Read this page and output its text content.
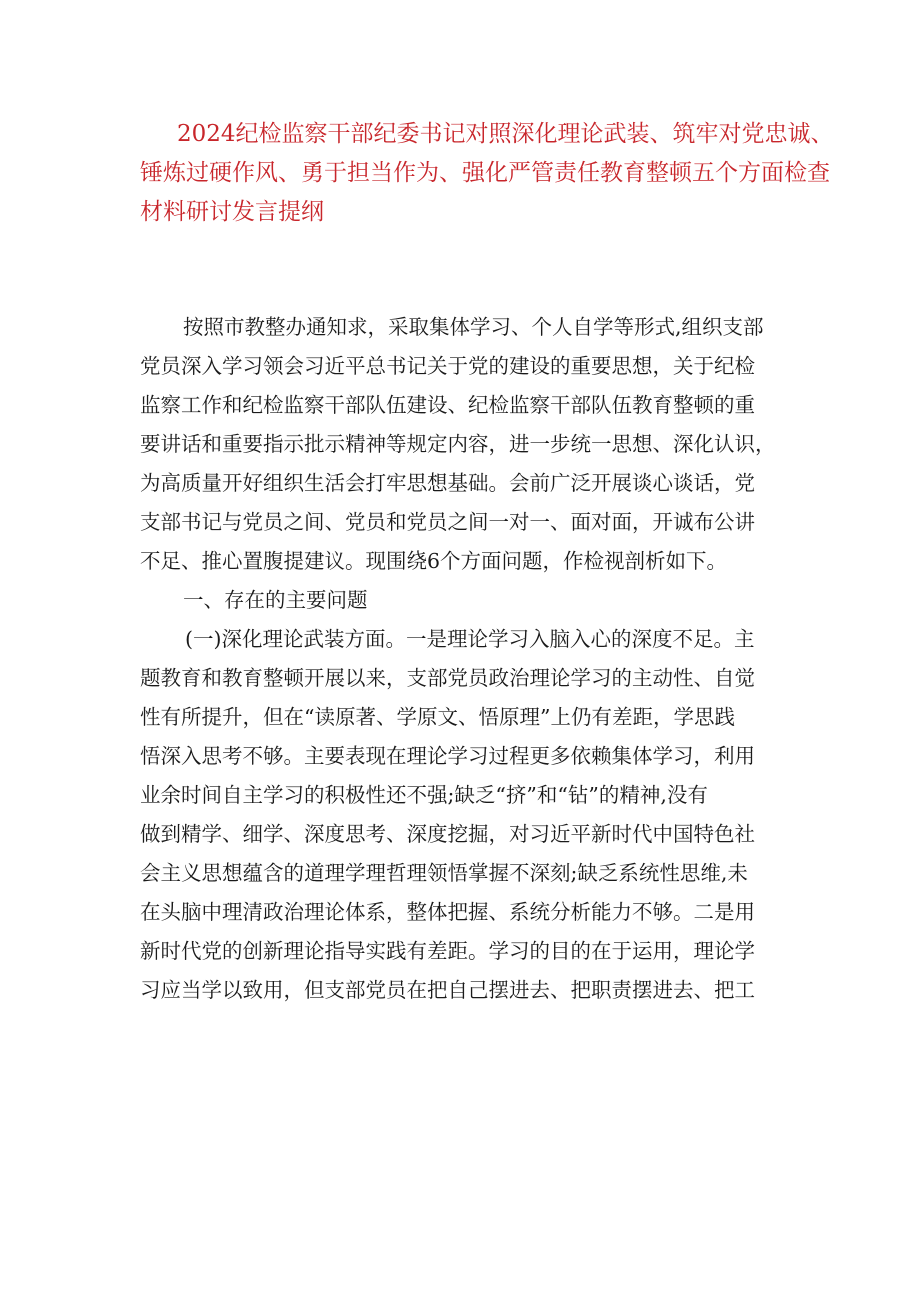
2024纪检监察干部纪委书记对照深化理论武装、筑牢对党忠诚、
锤炼过硬作风、勇于担当作为、强化严管责任教育整顿五个方面检查
材料研讨发言提纲

按照市教整办通知求，采取集体学习、个人自学等形式,组织支部
党员深入学习领会习近平总书记关于党的建设的重要思想，关于纪检
监察工作和纪检监察干部队伍建设、纪检监察干部队伍教育整顿的重
要讲话和重要指示批示精神等规定内容，进一步统一思想、深化认识，
为高质量开好组织生活会打牢思想基础。会前广泛开展谈心谈话，党
支部书记与党员之间、党员和党员之间一对一、面对面，开诚布公讲
不足、推心置腹提建议。现围绕6个方面问题，作检视剖析如下。

一、存在的主要问题

(一)深化理论武装方面。一是理论学习入脑入心的深度不足。主
题教育和教育整顿开展以来，支部党员政治理论学习的主动性、自觉
性有所提升，但在“读原著、学原文、悟原理”上仍有差距，学思践
悟深入思考不够。主要表现在理论学习过程更多依赖集体学习，利用
业余时间自主学习的积极性还不强;缺乏“挤”和“钻”的精神,没有
做到精学、细学、深度思考、深度挖掘，对习近平新时代中国特色社
会主义思想蕴含的道理学理哲理领悟掌握不深刻;缺乏系统性思维,未
在头脑中理清政治理论体系，整体把握、系统分析能力不够。二是用
新时代党的创新理论指导实践有差距。学习的目的在于运用，理论学
习应当学以致用，但支部党员在把自己摆进去、把职责摆进去、把工
